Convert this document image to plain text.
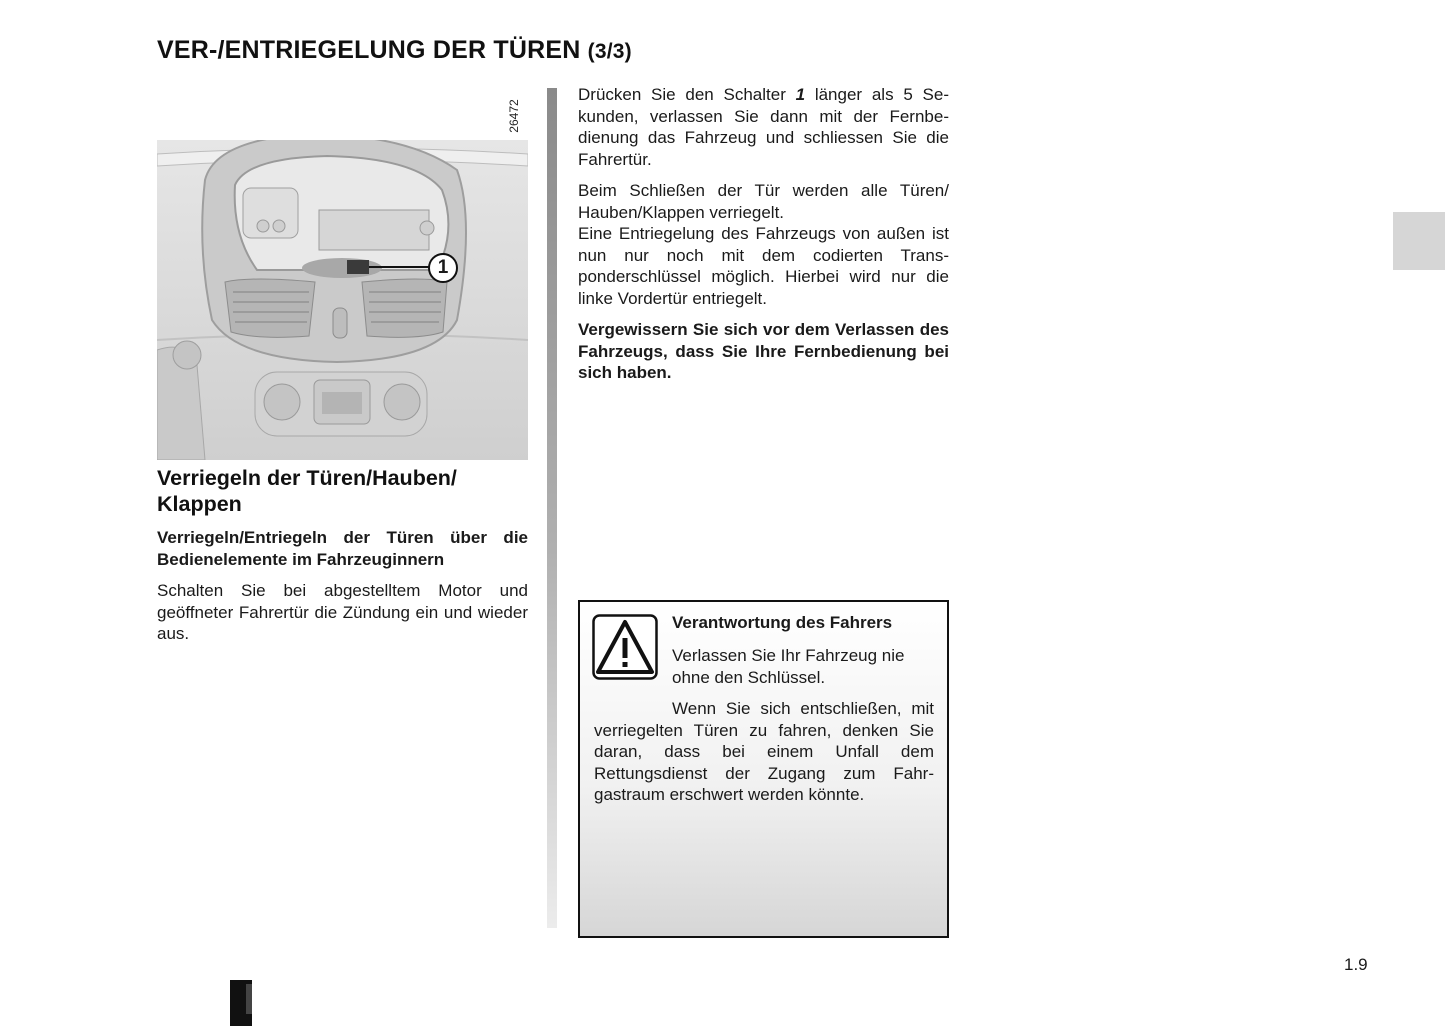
VER-/ENTRIEGELUNG DER TÜREN (3/3)
26472
1
Verriegeln der Türen/Hauben/ Klappen
Verriegeln/Entriegeln der Türen über die Bedienelemente im Fahrzeuginnern
Schalten Sie bei abgestelltem Motor und geöffneter Fahrertür die Zündung ein und wieder aus.
Drücken Sie den Schalter 1 länger als 5 Sekunden, verlassen Sie dann mit der Fernbedienung das Fahrzeug und schliessen Sie die Fahrertür.
Beim Schließen der Tür werden alle Türen/ Hauben/Klappen verriegelt.
Eine Entriegelung des Fahrzeugs von außen ist nun nur noch mit dem codierten Transponderschlüssel möglich. Hierbei wird nur die linke Vordertür entriegelt.
Vergewissern Sie sich vor dem Verlassen des Fahrzeugs, dass Sie Ihre Fernbedienung bei sich haben.
Verantwortung des Fahrers
Verlassen Sie Ihr Fahrzeug nie ohne den Schlüssel.
Wenn Sie sich entschließen, mit verriegelten Türen zu fahren, denken Sie daran, dass bei einem Unfall dem Rettungsdienst der Zugang zum Fahrgastraum erschwert werden könnte.
1.9
